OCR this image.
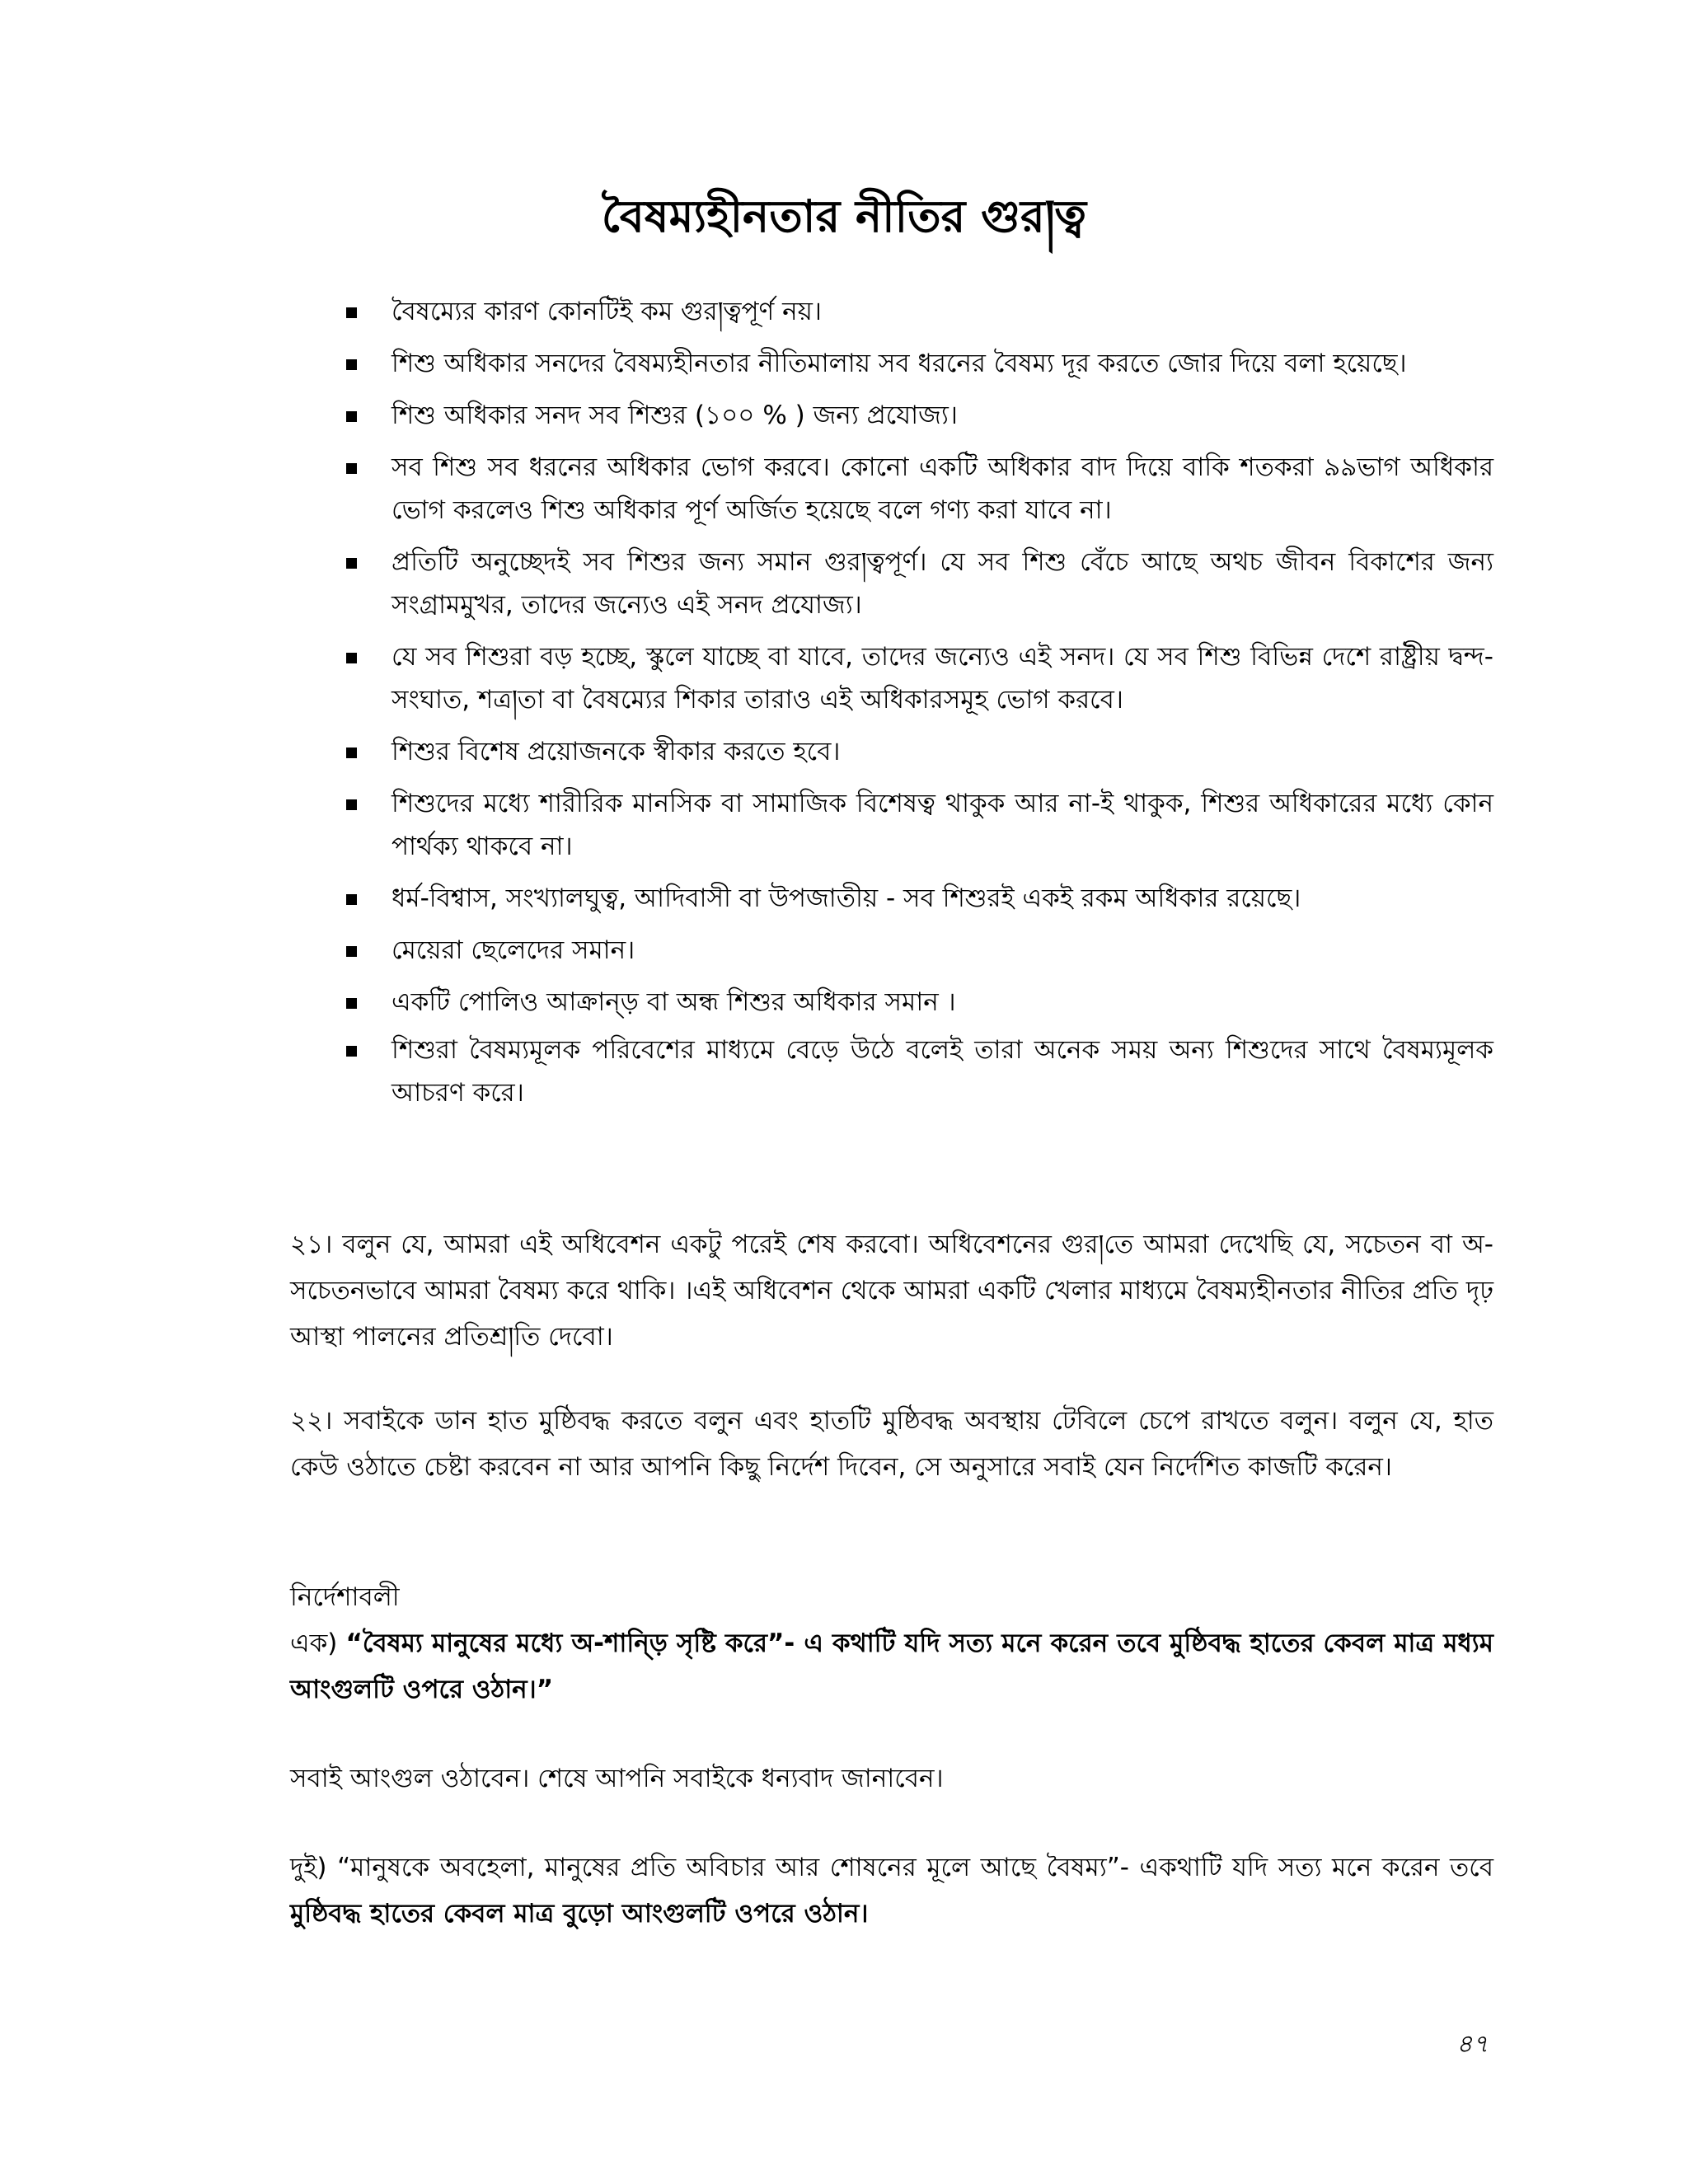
বৈষম্যহীনতার নীতির গুর།ত্ব
বৈষম্যের কারণ কোনটিই কম গুর།ত্বপূর্ণ নয়।
শিশু অধিকার সনদের বৈষম্যহীনতার নীতিমালায় সব ধরনের বৈষম্য দূর করতে জোর দিয়ে বলা হয়েছে।
শিশু অধিকার সনদ সব শিশুর (১০০ % ) জন্য প্রযোজ্য।
সব শিশু সব ধরনের অধিকার ভোগ করবে। কোনো একটি অধিকার বাদ দিয়ে বাকি শতকরা ৯৯ভাগ অধিকার ভোগ করলেও শিশু অধিকার পূর্ণ অর্জিত হয়েছে বলে গণ্য করা যাবে না।
প্রতিটি অনুচ্ছেদই সব শিশুর জন্য সমান গুর།ত্বপূর্ণ। যে সব শিশু বেঁচে আছে অথচ জীবন বিকাশের জন্য সংগ্রামমুখর, তাদের জন্যেও এই সনদ প্রযোজ্য।
যে সব শিশুরা বড় হচ্ছে, স্কুলে যাচ্ছে বা যাবে, তাদের জন্যেও এই সনদ। যে সব শিশু বিভিন্ন দেশে রাষ্ট্রীয় দ্বন্দ-সংঘাত, শত্র།তা বা বৈষম্যের শিকার তারাও এই অধিকারসমূহ ভোগ করবে।
শিশুর বিশেষ প্রয়োজনকে স্বীকার করতে হবে।
শিশুদের মধ্যে শারীরিক মানসিক বা সামাজিক বিশেষত্ব থাকুক আর না-ই থাকুক, শিশুর অধিকারের মধ্যে কোন পার্থক্য থাকবে না।
ধর্ম-বিশ্বাস, সংখ্যালঘুত্ব, আদিবাসী বা উপজাতীয় - সব শিশুরই একই রকম অধিকার রয়েছে।
মেয়েরা ছেলেদের সমান।
একটি পোলিও আক্রান্ড় বা অন্ধ শিশুর অধিকার সমান ।
শিশুরা বৈষম্যমূলক পরিবেশের মাধ্যমে বেড়ে উঠে বলেই তারা অনেক সময় অন্য শিশুদের সাথে বৈষম্যমূলক আচরণ করে।

২১। বলুন যে, আমরা এই অধিবেশন একটু পরেই শেষ করবো। অধিবেশনের গুর།তে আমরা দেখেছি যে, সচেতন বা অ-সচেতনভাবে আমরা বৈষম্য করে থাকি। ।এই অধিবেশন থেকে আমরা একটি খেলার মাধ্যমে বৈষম্যহীনতার নীতির প্রতি দৃঢ় আস্থা পালনের প্রতিশ্র།তি দেবো।

২২। সবাইকে ডান হাত মুষ্ঠিবদ্ধ করতে বলুন এবং হাতটি মুষ্ঠিবদ্ধ অবস্থায় টেবিলে চেপে রাখতে বলুন। বলুন যে, হাত কেউ ওঠাতে চেষ্টা করবেন না আর আপনি কিছু নির্দেশ দিবেন, সে অনুসারে সবাই যেন নির্দেশিত কাজটি করেন।

নির্দেশাবলী

এক) “বৈষম্য মানুষের মধ্যে অ-শান্ড়ি সৃষ্টি করে”- এ কথাটি যদি সত্য মনে করেন তবে মুষ্ঠিবদ্ধ হাতের কেবল মাত্র মধ্যম আংগুলটি ওপরে ওঠান।”

সবাই আংগুল ওঠাবেন। শেষে আপনি সবাইকে ধন্যবাদ জানাবেন।

দুই) “মানুষকে অবহেলা, মানুষের প্রতি অবিচার আর শোষনের মূলে আছে বৈষম্য”- একথাটি যদি সত্য মনে করেন তবে মুষ্ঠিবদ্ধ হাতের কেবল মাত্র বুড়ো আংগুলটি ওপরে ওঠান।

৪৭
